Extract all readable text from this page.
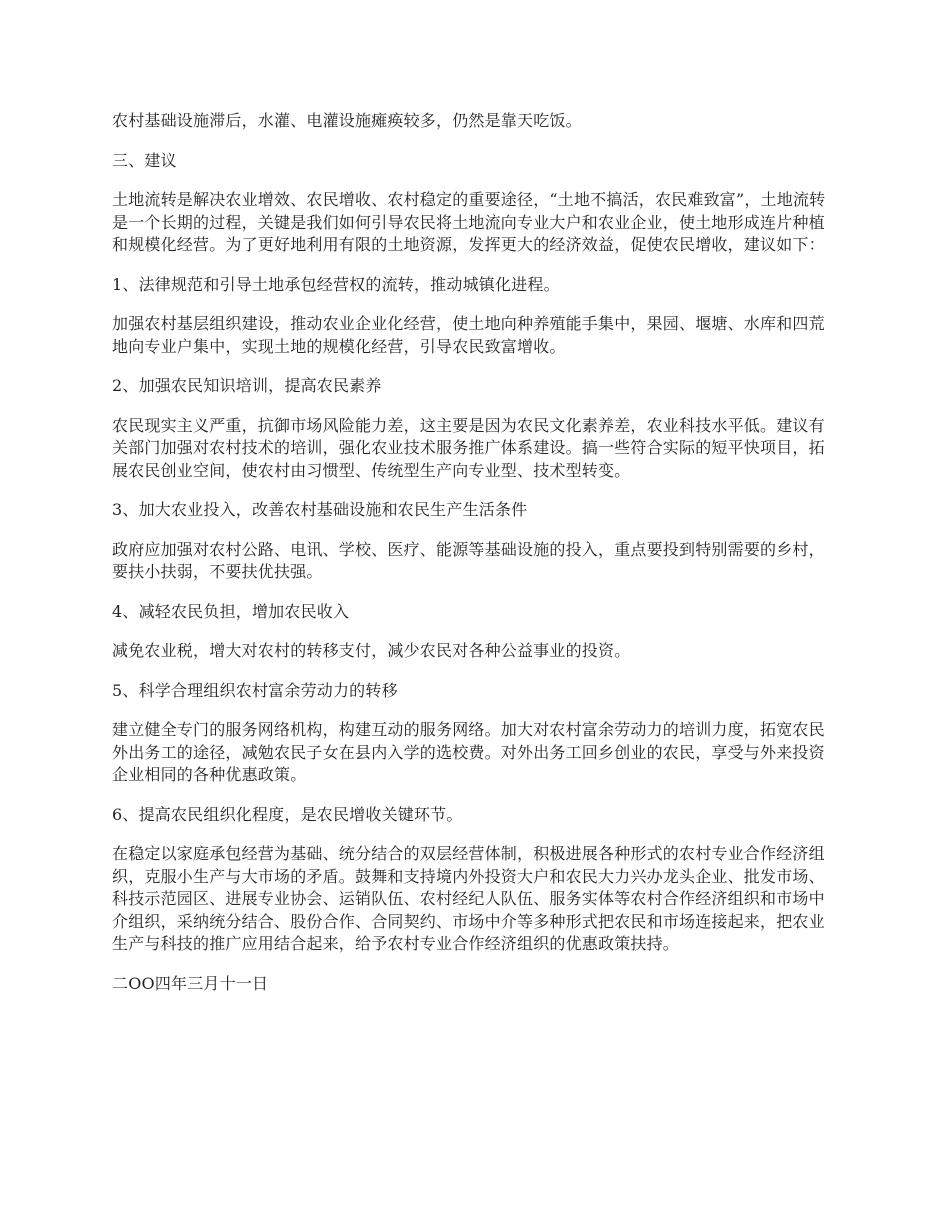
农村基础设施滞后，水灌、电灌设施瘫痪较多，仍然是靠天吃饭。

三、建议

土地流转是解决农业增效、农民增收、农村稳定的重要途径，“土地不搞活，农民难致富”，土地流转是一个长期的过程，关键是我们如何引导农民将土地流向专业大户和农业企业，使土地形成连片种植和规模化经营。为了更好地利用有限的土地资源，发挥更大的经济效益，促使农民增收，建议如下：

1、法律规范和引导土地承包经营权的流转，推动城镇化进程。

加强农村基层组织建设，推动农业企业化经营，使土地向种养殖能手集中，果园、堰塘、水库和四荒地向专业户集中，实现土地的规模化经营，引导农民致富增收。

2、加强农民知识培训，提高农民素养

农民现实主义严重，抗御市场风险能力差，这主要是因为农民文化素养差，农业科技水平低。建议有关部门加强对农村技术的培训，强化农业技术服务推广体系建设。搞一些符合实际的短平快项目，拓展农民创业空间，使农村由习惯型、传统型生产向专业型、技术型转变。

3、加大农业投入，改善农村基础设施和农民生产生活条件

政府应加强对农村公路、电讯、学校、医疗、能源等基础设施的投入，重点要投到特别需要的乡村，要扶小扶弱，不要扶优扶强。

4、减轻农民负担，增加农民收入

减免农业税，增大对农村的转移支付，减少农民对各种公益事业的投资。

5、科学合理组织农村富余劳动力的转移

建立健全专门的服务网络机构，构建互动的服务网络。加大对农村富余劳动力的培训力度，拓宽农民外出务工的途径，减勉农民子女在县内入学的选校费。对外出务工回乡创业的农民，享受与外来投资企业相同的各种优惠政策。

6、提高农民组织化程度，是农民增收关键环节。

在稳定以家庭承包经营为基础、统分结合的双层经营体制，积极进展各种形式的农村专业合作经济组织，克服小生产与大市场的矛盾。鼓舞和支持境内外投资大户和农民大力兴办龙头企业、批发市场、科技示范园区、进展专业协会、运销队伍、农村经纪人队伍、服务实体等农村合作经济组织和市场中介组织，采纳统分结合、股份合作、合同契约、市场中介等多种形式把农民和市场连接起来，把农业生产与科技的推广应用结合起来，给予农村专业合作经济组织的优惠政策扶持。

二OO四年三月十一日
